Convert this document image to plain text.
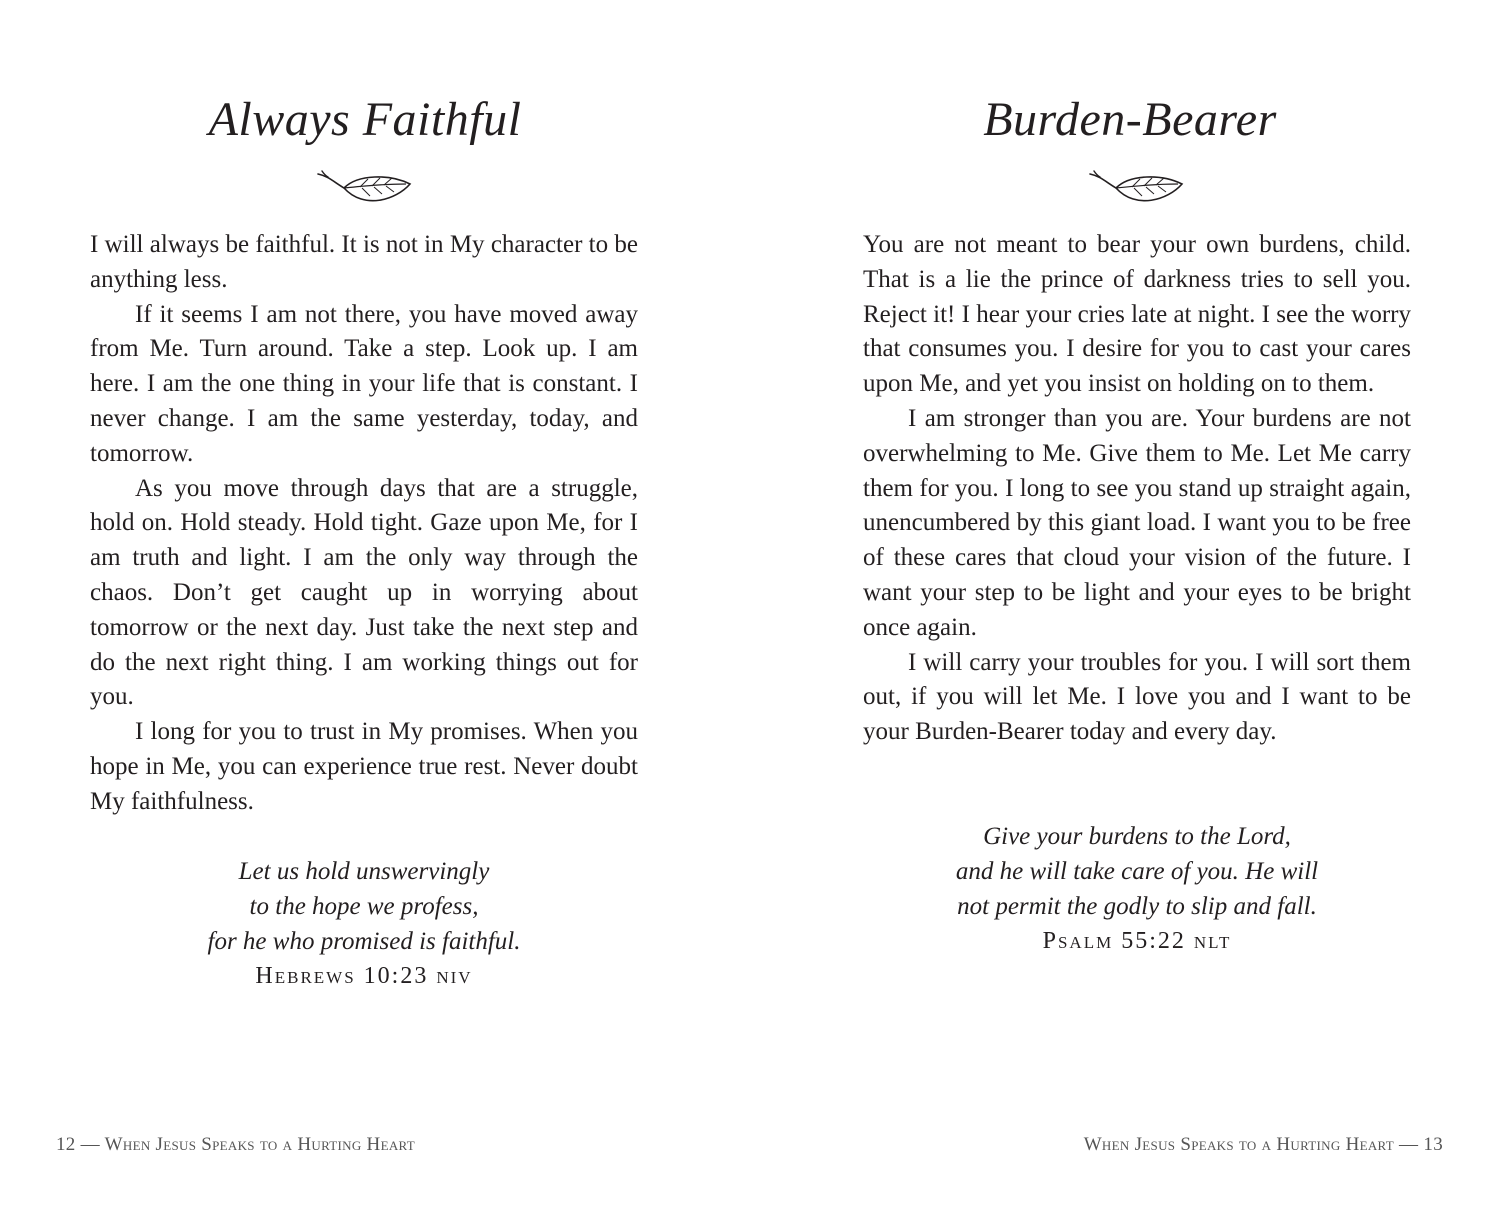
Always Faithful

I will always be faithful. It is not in My character to be anything less.

If it seems I am not there, you have moved away from Me. Turn around. Take a step. Look up. I am here. I am the one thing in your life that is constant. I never change. I am the same yesterday, today, and tomorrow.

As you move through days that are a struggle, hold on. Hold steady. Hold tight. Gaze upon Me, for I am truth and light. I am the only way through the chaos. Don’t get caught up in worrying about tomorrow or the next day. Just take the next step and do the next right thing. I am working things out for you.

I long for you to trust in My promises. When you hope in Me, you can experience true rest. Never doubt My faithfulness.

Let us hold unswervingly
to the hope we profess,
for he who promised is faithful.
Hebrews 10:23 niv
12 — When Jesus Speaks to a Hurting Heart
Burden-Bearer

You are not meant to bear your own burdens, child. That is a lie the prince of darkness tries to sell you. Reject it! I hear your cries late at night. I see the worry that consumes you. I desire for you to cast your cares upon Me, and yet you insist on holding on to them.

I am stronger than you are. Your burdens are not overwhelming to Me. Give them to Me. Let Me carry them for you. I long to see you stand up straight again, unencumbered by this giant load. I want you to be free of these cares that cloud your vision of the future. I want your step to be light and your eyes to be bright once again.

I will carry your troubles for you. I will sort them out, if you will let Me. I love you and I want to be your Burden-Bearer today and every day.

Give your burdens to the Lord,
and he will take care of you. He will
not permit the godly to slip and fall.
Psalm 55:22 nlt
When Jesus Speaks to a Hurting Heart — 13
